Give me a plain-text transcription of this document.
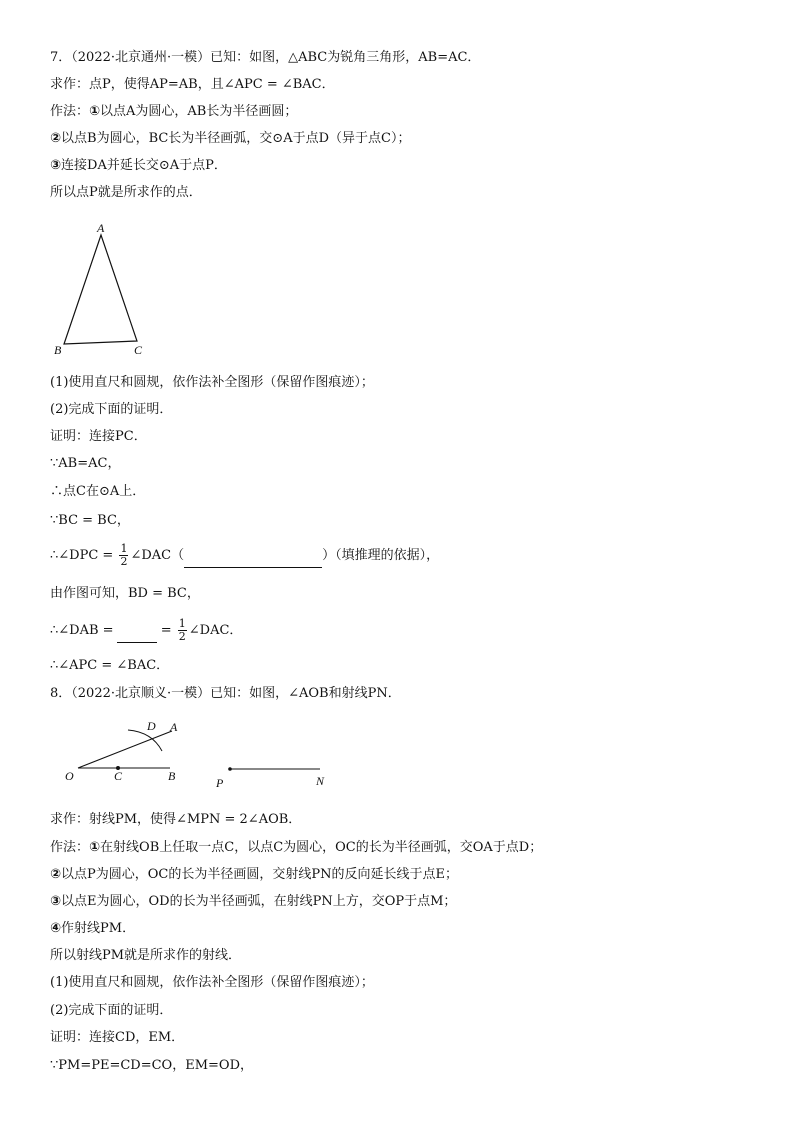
7．（2022·北京通州·一模）已知：如图，△ABC为锐角三角形，AB=AC．
求作：点P，使得AP=AB，且∠APC = ∠BAC．
作法：①以点A为圆心，AB长为半径画圆；
②以点B为圆心，BC长为半径画弧，交⊙A于点D（异于点C）；
③连接DA并延长交⊙A于点P．
所以点P就是所求作的点．
A
B	C
(1)使用直尺和圆规，依作法补全图形（保留作图痕迹）；
(2)完成下面的证明．
证明：连接PC．
∵AB=AC，
∴点C在⊙A上．
∵BC = BC，
∴∠DPC = $\frac{1}{2}$ ∠DAC（	）（填推理的依据），
由作图可知，BD = BC，
∴∠DAB =	= $\frac{1}{2}$ ∠DAC．
∴∠APC = ∠BAC．
8．（2022·北京顺义·一模）已知：如图，∠AOB和射线PN．
D A
O	C	B	P	N
求作：射线PM，使得∠MPN = 2∠AOB．
作法：①在射线OB上任取一点C，以点C为圆心，OC的长为半径画弧，交OA于点D；
②以点P为圆心，OC的长为半径画圆，交射线PN的反向延长线于点E；
③以点E为圆心，OD的长为半径画弧，在射线PN上方，交OP于点M；
④作射线PM．
所以射线PM就是所求作的射线．
(1)使用直尺和圆规，依作法补全图形（保留作图痕迹）；
(2)完成下面的证明．
证明：连接CD，EM．
∵PM=PE=CD=CO，EM=OD，
